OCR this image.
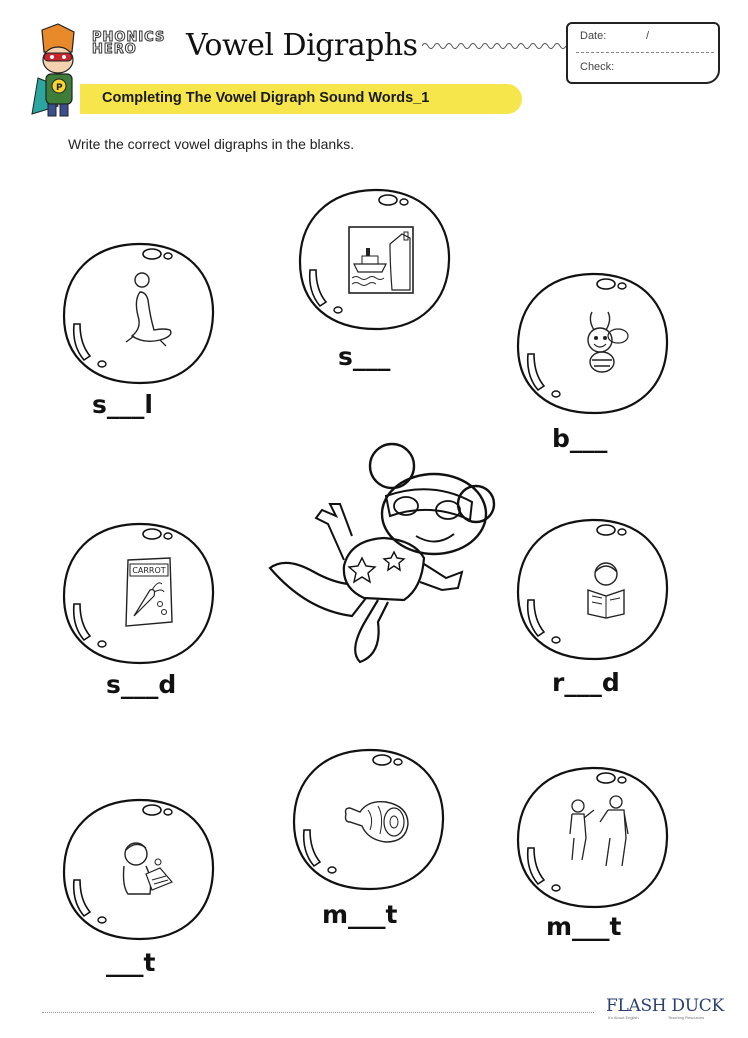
P
PHONICS
HERO	Vowel Digraphs	Date:	/
Check:
Completing The Vowel Digraph Sound Words_1
Write the correct vowel digraphs in the blanks.
s___l
s___
b___
CARROT
s___d	r___d
___t
m___t	m___t
FLASH DUCK
It's About English	Teaching Resources
